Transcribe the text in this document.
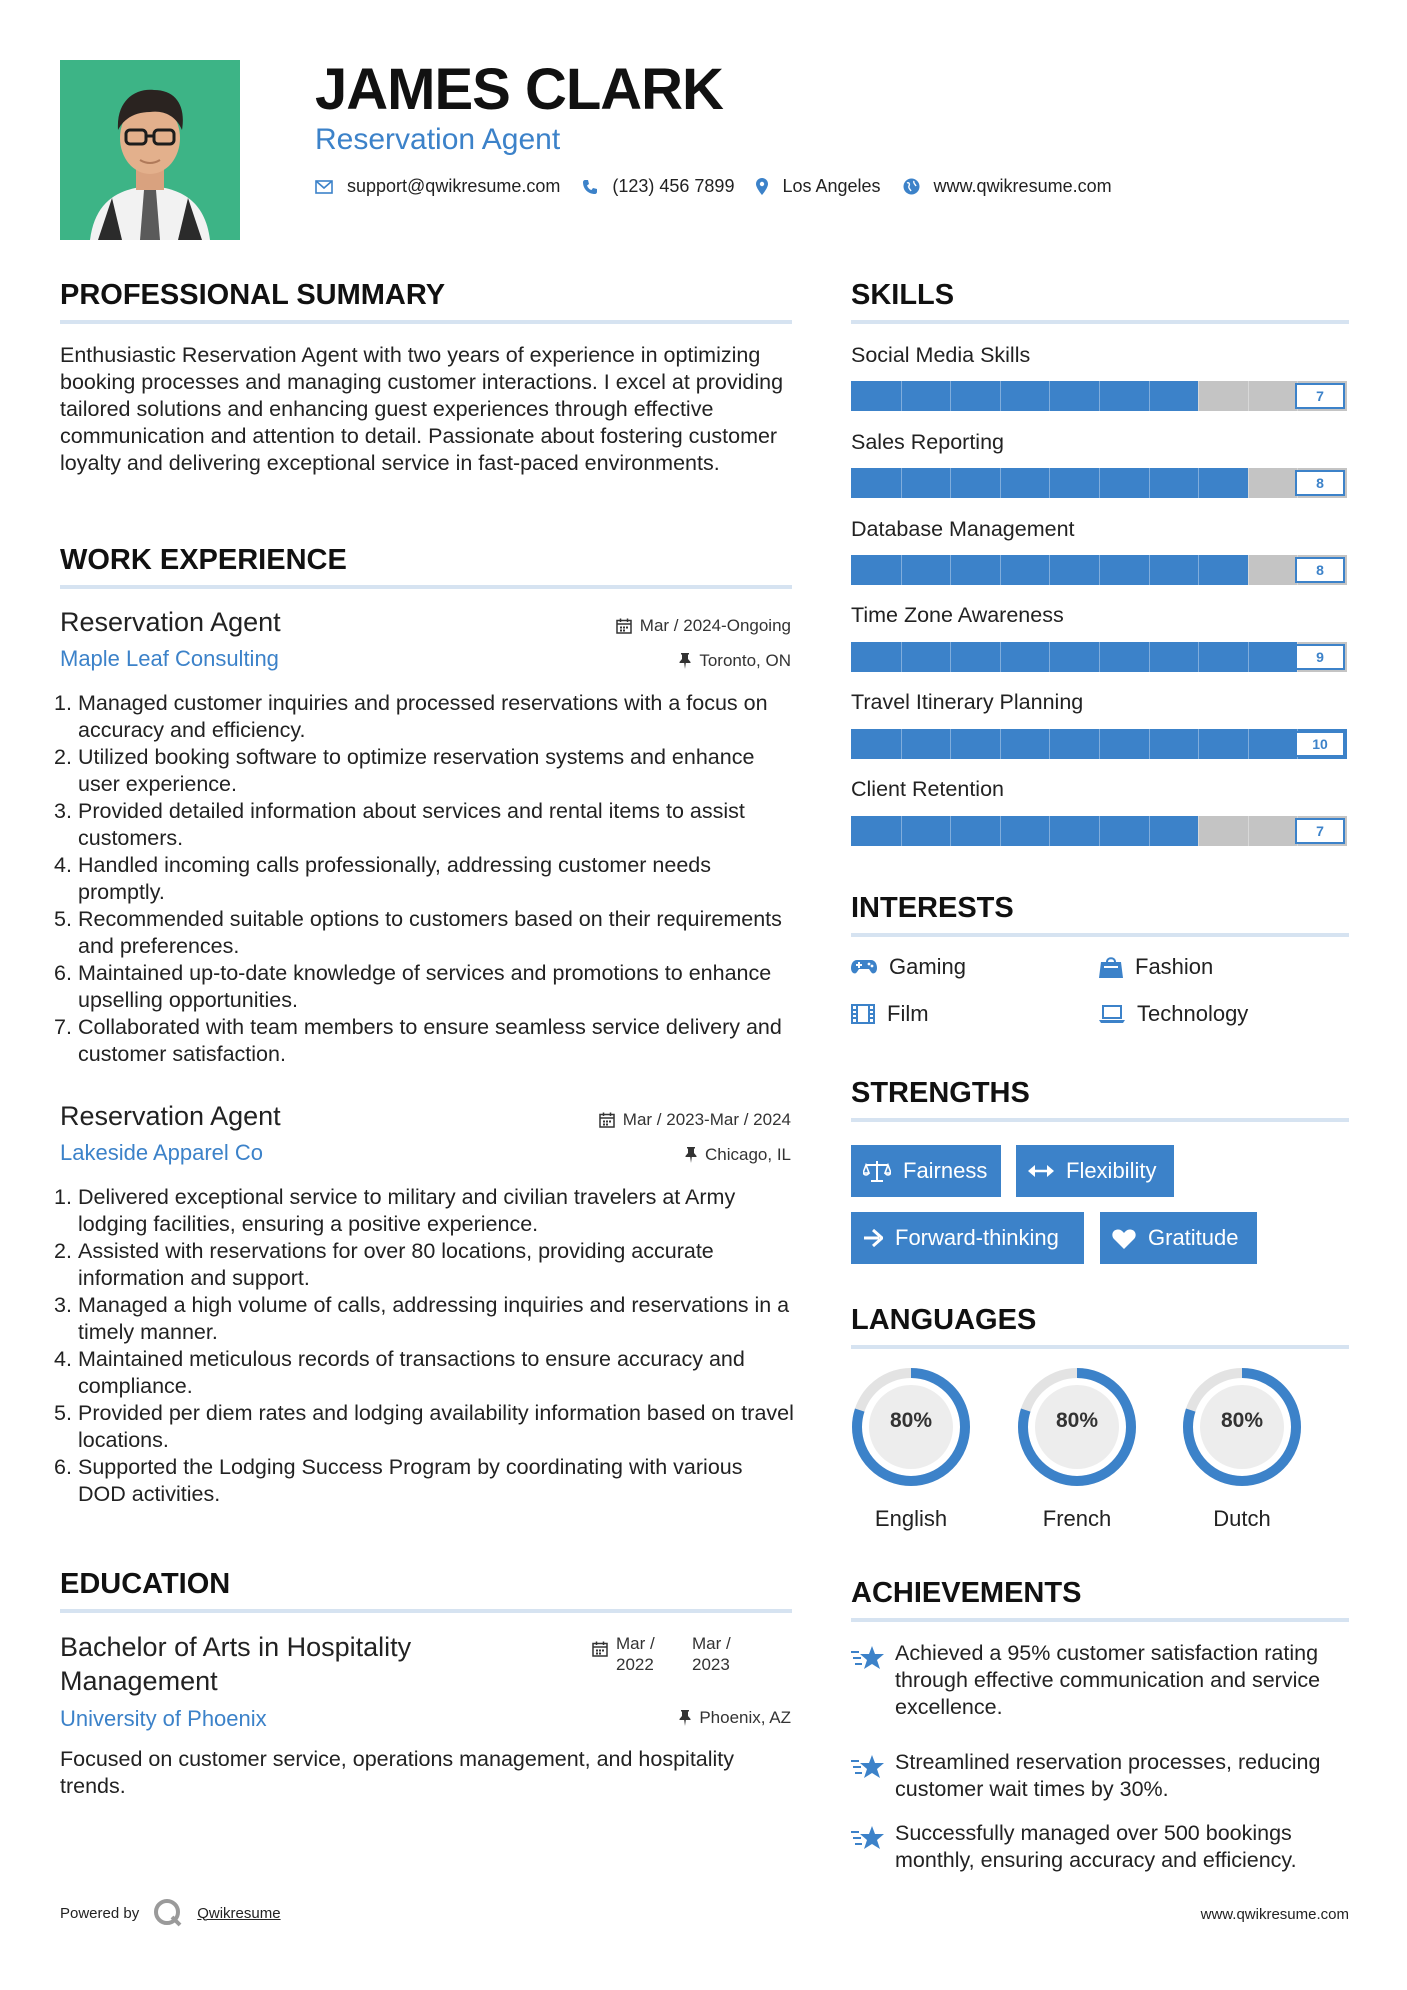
JAMES CLARK
Reservation Agent
support@qwikresume.com	(123) 456 7899	Los Angeles	www.qwikresume.com
PROFESSIONAL SUMMARY

Enthusiastic Reservation Agent with two years of experience in optimizing booking processes and managing customer interactions. I excel at providing tailored solutions and enhancing guest experiences through effective communication and attention to detail. Passionate about fostering customer loyalty and delivering exceptional service in fast-paced environments.

WORK EXPERIENCE
Reservation Agent	Mar / 2024-Ongoing
Maple Leaf Consulting	Toronto, ON
1. Managed customer inquiries and processed reservations with a focus on accuracy and efficiency.
2. Utilized booking software to optimize reservation systems and enhance user experience.
3. Provided detailed information about services and rental items to assist customers.
4. Handled incoming calls professionally, addressing customer needs promptly.
5. Recommended suitable options to customers based on their requirements and preferences.
6. Maintained up-to-date knowledge of services and promotions to enhance upselling opportunities.
7. Collaborated with team members to ensure seamless service delivery and customer satisfaction.
Reservation Agent	Mar / 2023-Mar / 2024
Lakeside Apparel Co	Chicago, IL
1. Delivered exceptional service to military and civilian travelers at Army lodging facilities, ensuring a positive experience.
2. Assisted with reservations for over 80 locations, providing accurate information and support.
3. Managed a high volume of calls, addressing inquiries and reservations in a timely manner.
4. Maintained meticulous records of transactions to ensure accuracy and compliance.
5. Provided per diem rates and lodging availability information based on travel locations.
6. Supported the Lodging Success Program by coordinating with various DOD activities.
EDUCATION
Bachelor of Arts in Hospitality Management
Mar /
2022
Mar /
2023
University of Phoenix	Phoenix, AZ

Focused on customer service, operations management, and hospitality trends.

SKILLS
Social Media Skills
7
Sales Reporting
8
Database Management
8
Time Zone Awareness
9
Travel Itinerary Planning
10
Client Retention
7
INTERESTS
Gaming	Fashion
Film	Technology
STRENGTHS
Fairness	Flexibility
Forward-thinking	Gratitude
LANGUAGES
80%
English
80%
French
80%
Dutch
ACHIEVEMENTS
Achieved a 95% customer satisfaction rating through effective communication and service excellence.
Streamlined reservation processes, reducing customer wait times by 30%.
Successfully managed over 500 bookings monthly, ensuring accuracy and efficiency.
Powered by	Qwikresume	www.qwikresume.com
